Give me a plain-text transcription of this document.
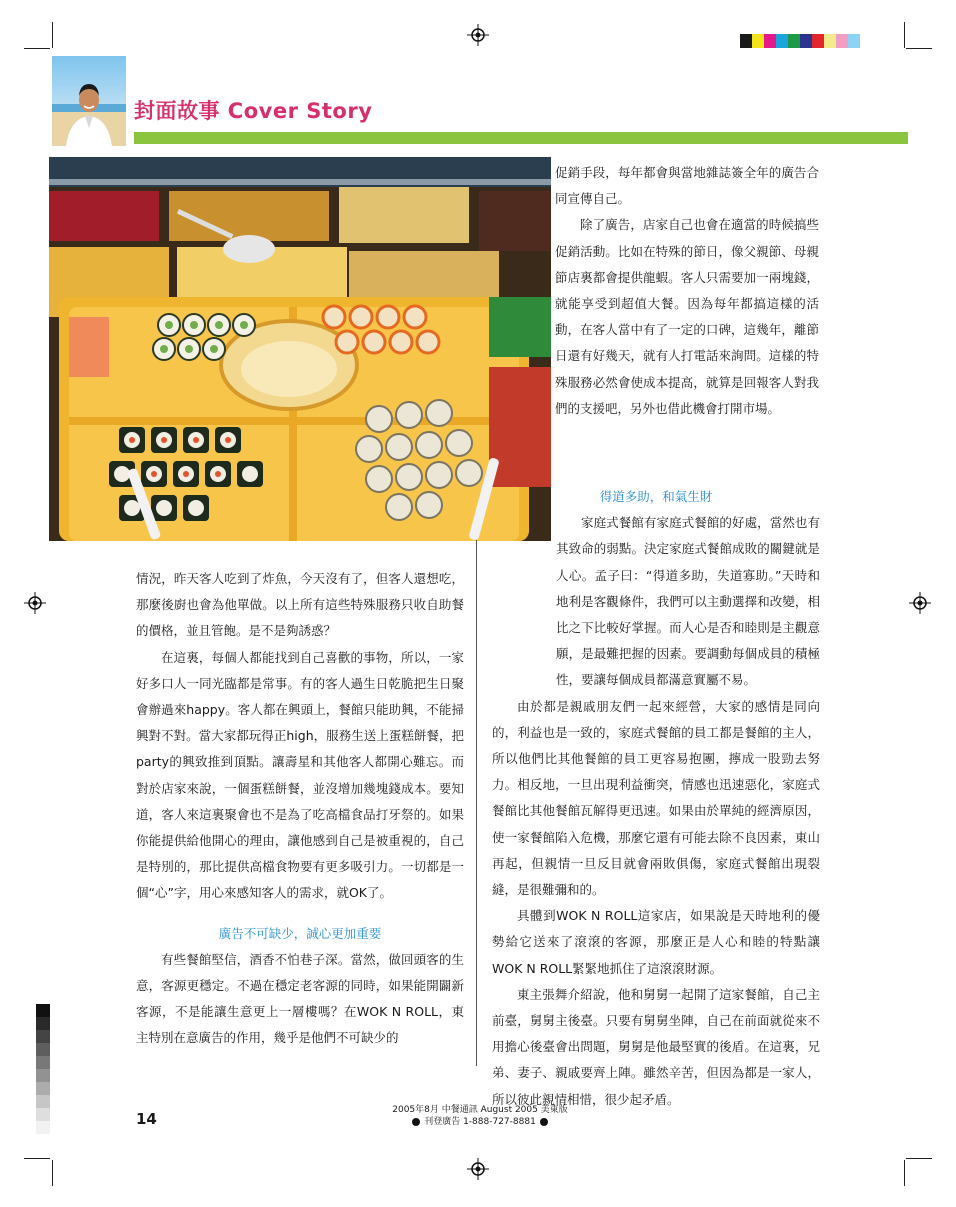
封面故事 Cover Story

促銷手段，每年都會與當地雜誌簽全年的廣告合同宣傳自己。

除了廣告，店家自己也會在適當的時候搞些促銷活動。比如在特殊的節日，像父親節、母親節店裏都會提供龍蝦。客人只需要加一兩塊錢，就能享受到超值大餐。因為每年都搞這樣的活動，在客人當中有了一定的口碑，這幾年，離節日還有好幾天，就有人打電話來詢問。這樣的特殊服務必然會使成本提高，就算是回報客人對我們的支援吧，另外也借此機會打開市場。

得道多助，和氣生財

家庭式餐館有家庭式餐館的好處，當然也有其致命的弱點。決定家庭式餐館成敗的關鍵就是人心。孟子曰：“得道多助，失道寡助。”天時和地利是客觀條件，我們可以主動選擇和改變，相比之下比較好掌握。而人心是否和睦則是主觀意願，是最難把握的因素。要調動每個成員的積極性，要讓每個成員都滿意實屬不易。

由於都是親戚朋友們一起來經營，大家的感情是同向的，利益也是一致的，家庭式餐館的員工都是餐館的主人，所以他們比其他餐館的員工更容易抱團，擰成一股勁去努力。相反地，一旦出現利益衝突，情感也迅速惡化，家庭式餐館比其他餐館瓦解得更迅速。如果由於單純的經濟原因，使一家餐館陷入危機，那麼它還有可能去除不良因素，東山再起，但親情一旦反目就會兩敗俱傷，家庭式餐館出現裂縫，是很難彌和的。

具體到WOK N ROLL這家店，如果說是天時地利的優勢給它送來了滾滾的客源，那麼正是人心和睦的特點讓WOK N ROLL緊緊地抓住了這滾滾財源。

東主張舞介紹說，他和舅舅一起開了這家餐館，自己主前臺，舅舅主後臺。只要有舅舅坐陣，自己在前面就從來不用擔心後臺會出問題，舅舅是他最堅實的後盾。在這裏，兄弟、妻子、親戚要齊上陣。雖然辛苦，但因為都是一家人，所以彼此親情相惜，很少起矛盾。

情況，昨天客人吃到了炸魚，今天沒有了，但客人還想吃，那麼後廚也會為他單做。以上所有這些特殊服務只收自助餐的價格，並且管飽。是不是夠誘惑？

在這裏，每個人都能找到自己喜歡的事物，所以，一家好多口人一同光臨都是常事。有的客人過生日乾脆把生日聚會辦過來happy。客人都在興頭上，餐館只能助興，不能掃興對不對。當大家都玩得正high，服務生送上蛋糕餅餐，把party的興致推到頂點。讓壽星和其他客人都開心難忘。而對於店家來說，一個蛋糕餅餐，並沒增加幾塊錢成本。要知道，客人來這裏聚會也不是為了吃高檔食品打牙祭的。如果你能提供給他開心的理由，讓他感到自己是被重視的，自己是特別的，那比提供高檔食物要有更多吸引力。一切都是一個“心”字，用心來感知客人的需求，就OK了。

廣告不可缺少，誠心更加重要

有些餐館堅信，酒香不怕巷子深。當然，做回頭客的生意，客源更穩定。不過在穩定老客源的同時，如果能開闢新客源，不是能讓生意更上一層樓嗎？在WOK N ROLL，東主特別在意廣告的作用，幾乎是他們不可缺少的

14	2005年8月 中餐通訊 August 2005 美東版
刊登廣告 1-888-727-8881
